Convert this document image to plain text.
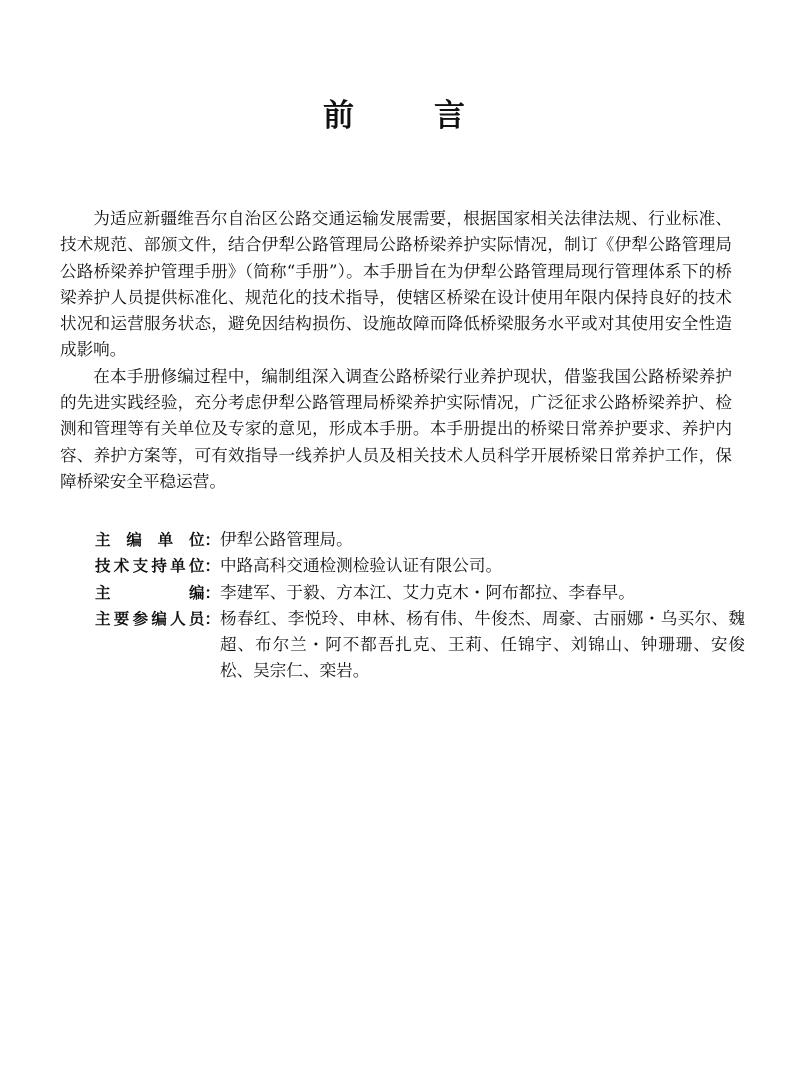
前	言

为适应新疆维吾尔自治区公路交通运输发展需要，根据国家相关法律法规、行业标准、技术规范、部颁文件，结合伊犁公路管理局公路桥梁养护实际情况，制订《伊犁公路管理局公路桥梁养护管理手册》（简称“手册”）。本手册旨在为伊犁公路管理局现行管理体系下的桥梁养护人员提供标准化、规范化的技术指导，使辖区桥梁在设计使用年限内保持良好的技术状况和运营服务状态，避免因结构损伤、设施故障而降低桥梁服务水平或对其使用安全性造成影响。

在本手册修编过程中，编制组深入调查公路桥梁行业养护现状，借鉴我国公路桥梁养护的先进实践经验，充分考虑伊犁公路管理局桥梁养护实际情况，广泛征求公路桥梁养护、检测和管理等有关单位及专家的意见，形成本手册。本手册提出的桥梁日常养护要求、养护内容、养护方案等，可有效指导一线养护人员及相关技术人员科学开展桥梁日常养护工作，保障桥梁安全平稳运营。

主 编 单 位 ： 伊犁公路管理局。
技 术 支 持 单 位 ： 中路高科交通检测检验认证有限公司。
主	编 ： 李建军、于毅、方本江、艾力克木・阿布都拉、李春早。
主 要 参 编 人 员 ： 杨春红、李悦玲、申林、杨有伟、牛俊杰、周豪、古丽娜・乌买尔、魏超、布尔兰・阿不都吾扎克、王莉、任锦宇、刘锦山、钟珊珊、安俊松、吴宗仁、栾岩。
